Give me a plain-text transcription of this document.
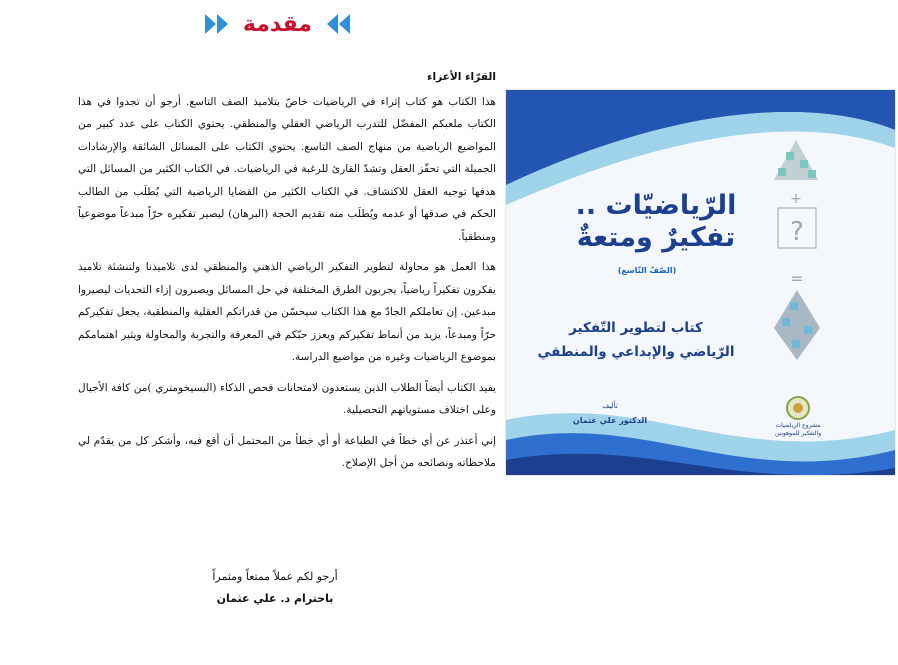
مقدمة

القرّاء الأعزاء

هذا الكتاب هو كتاب إثراء في الرياضيات خاصّ بتلاميذ الصف التاسع. أرجو أن تجدوا في هذا الكتاب ملعبكم المفضّل للتدرب الرياضي العقلي والمنطقي. يحتوي الكتاب على عدد كبير من المواضيع الرياضية من منهاج الصف التاسع. يحتوي الكتاب على المسائل الشائقة والإرشادات الجميلة التي تحفّز العقل وتشدّ القارئ للرغبة في الرياضيات. في الكتاب الكثير من المسائل التي هدفها توجيه العقل للاكتشاف. في الكتاب الكثير من القضايا الرياضية التي يُطلَب من الطالب الحكم في صدقها أو عدمه ويُطلَب منه تقديم الحجة (البرهان) ليصير تفكيره حرّاً مبدعاً موضوعياً ومنطقياً.

هذا العمل هو محاولة لتطوير التفكير الرياضي الذهني والمنطقي لدى تلاميذنا ولتنشئة تلاميذ يفكرون تفكيراً رياضياً، يجربون الطرق المختلفة في حل المسائل ويصبرون إزاء التحديات ليصيروا مبدعين. إن تعاملكم الجادّ مع هذا الكتاب سيحسّن من قدراتكم العقلية والمنطقية، يجعل تفكيركم حرّاً ومبدعاً، يزيد من أنماط تفكيركم ويعزز حبّكم في المعرفة والتجربة والمحاولة ويثير اهتمامكم بموضوع الرياضيات وغيره من مواضيع الدراسة.

يفيد الكتاب أيضاً الطلاب الذين يستعدون لامتحانات فحص الذكاء (البسيخومتري )من كافة الأجيال وعلى اختلاف مستوياتهم التحصيلية.

إني أعتذر عن أي خطأ في الطباعة أو أي خطأ من المحتمل أن أقع فيه، وأشكر كل من يقدّم لي ملاحظاته ونصائحه من أجل الإصلاح.

أرجو لكم عملاً ممتعاً ومثمراً
باحترام د. علي عثمان
+
?
=
الرّياضيّات ..
تفكيرٌ ومتعةٌ
(الصّفّ التّاسع)
كتاب لتطوير التّفكير
الرّياضي والإبداعي والمنطقي
تأليف
الدكتور علي عثمان
مشروع الرياضيات
والتفكير للموهوبين
